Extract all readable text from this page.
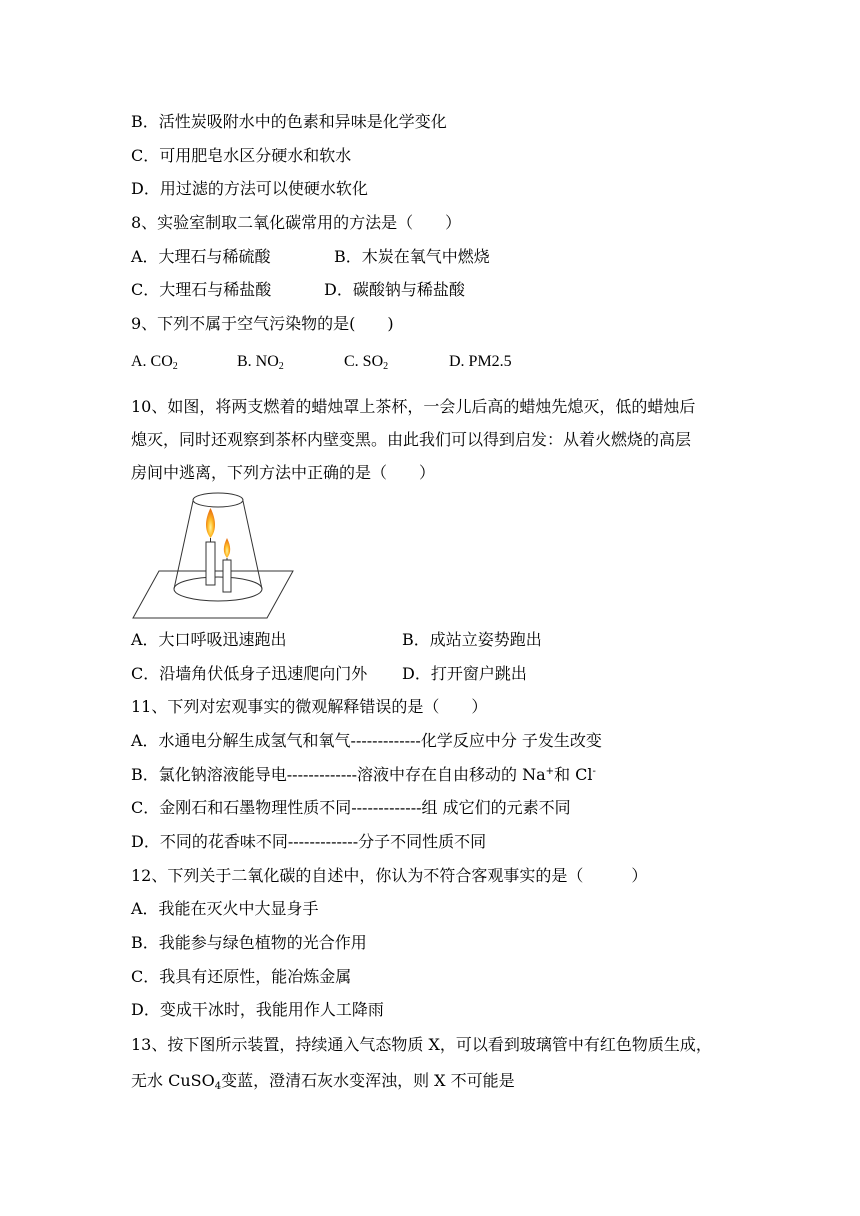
B．活性炭吸附水中的色素和异味是化学变化
C．可用肥皂水区分硬水和软水
D．用过滤的方法可以使硬水软化
8、实验室制取二氧化碳常用的方法是（　　）
A．大理石与稀硫酸	B．木炭在氧气中燃烧
C．大理石与稀盐酸	D．碳酸钠与稀盐酸
9、下列不属于空气污染物的是(　　)
A. $CO_2$	B. $NO_2$	C. $SO_2$	D. PM2.5
10、如图，将两支燃着的蜡烛罩上茶杯，一会儿后高的蜡烛先熄灭，低的蜡烛后
熄灭，同时还观察到茶杯内壁变黑。由此我们可以得到启发：从着火燃烧的高层
房间中逃离，下列方法中正确的是（　　）
A．大口呼吸迅速跑出	B．成站立姿势跑出
C．沿墙角伏低身子迅速爬向门外 D．打开窗户跳出
11、下列对宏观事实的微观解释错误的是（　　）
A．水通电分解生成氢气和氧气-------------化学反应中分 子发生改变
B．氯化钠溶液能导电-------------溶液中存在自由移动的 Na+和 Cl-
C．金刚石和石墨物理性质不同-------------组 成它们的元素不同
D．不同的花香味不同-------------分子不同性质不同
12、下列关于二氧化碳的自述中，你认为不符合客观事实的是（　　　）
A．我能在灭火中大显身手
B．我能参与绿色植物的光合作用
C．我具有还原性，能冶炼金属
D．变成干冰时，我能用作人工降雨
13、按下图所示装置，持续通入气态物质 X，可以看到玻璃管中有红色物质生成，
无水 CuSO$_4$变蓝，澄清石灰水变浑浊，则 X 不可能是
